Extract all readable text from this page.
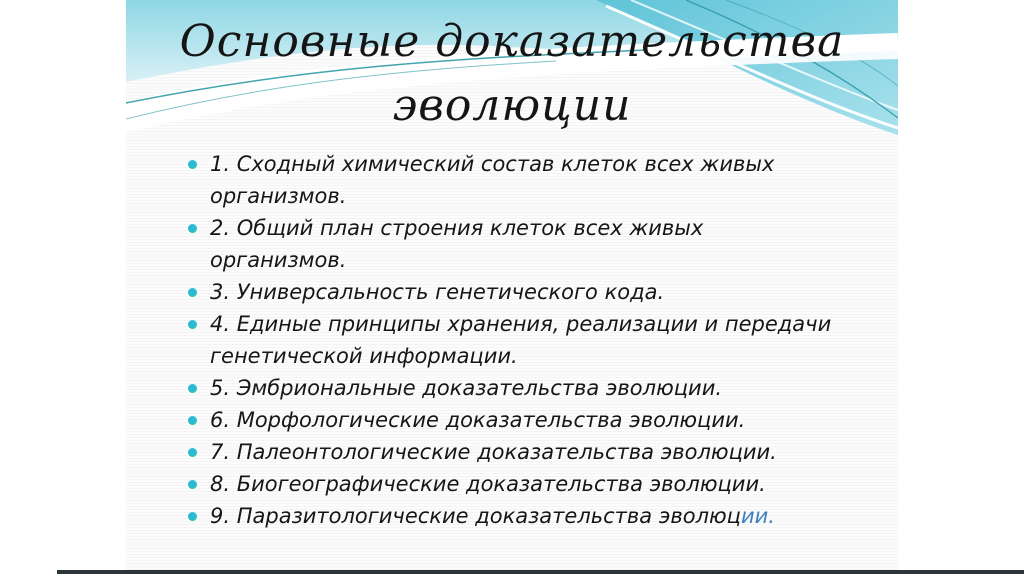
Основные доказательства
эволюции
1. Сходный химический состав клеток всех живых организмов.
2. Общий план строения клеток всех живых организмов.
3. Универсальность генетического кода.
4. Единые принципы хранения, реализации и передачи генетической информации.
5. Эмбриональные доказательства эволюции.
6. Морфологические доказательства эволюции.
7. Палеонтологические доказательства эволюции.
8. Биогеографические доказательства эволюции.
9. Паразитологические доказательства эволюции.
